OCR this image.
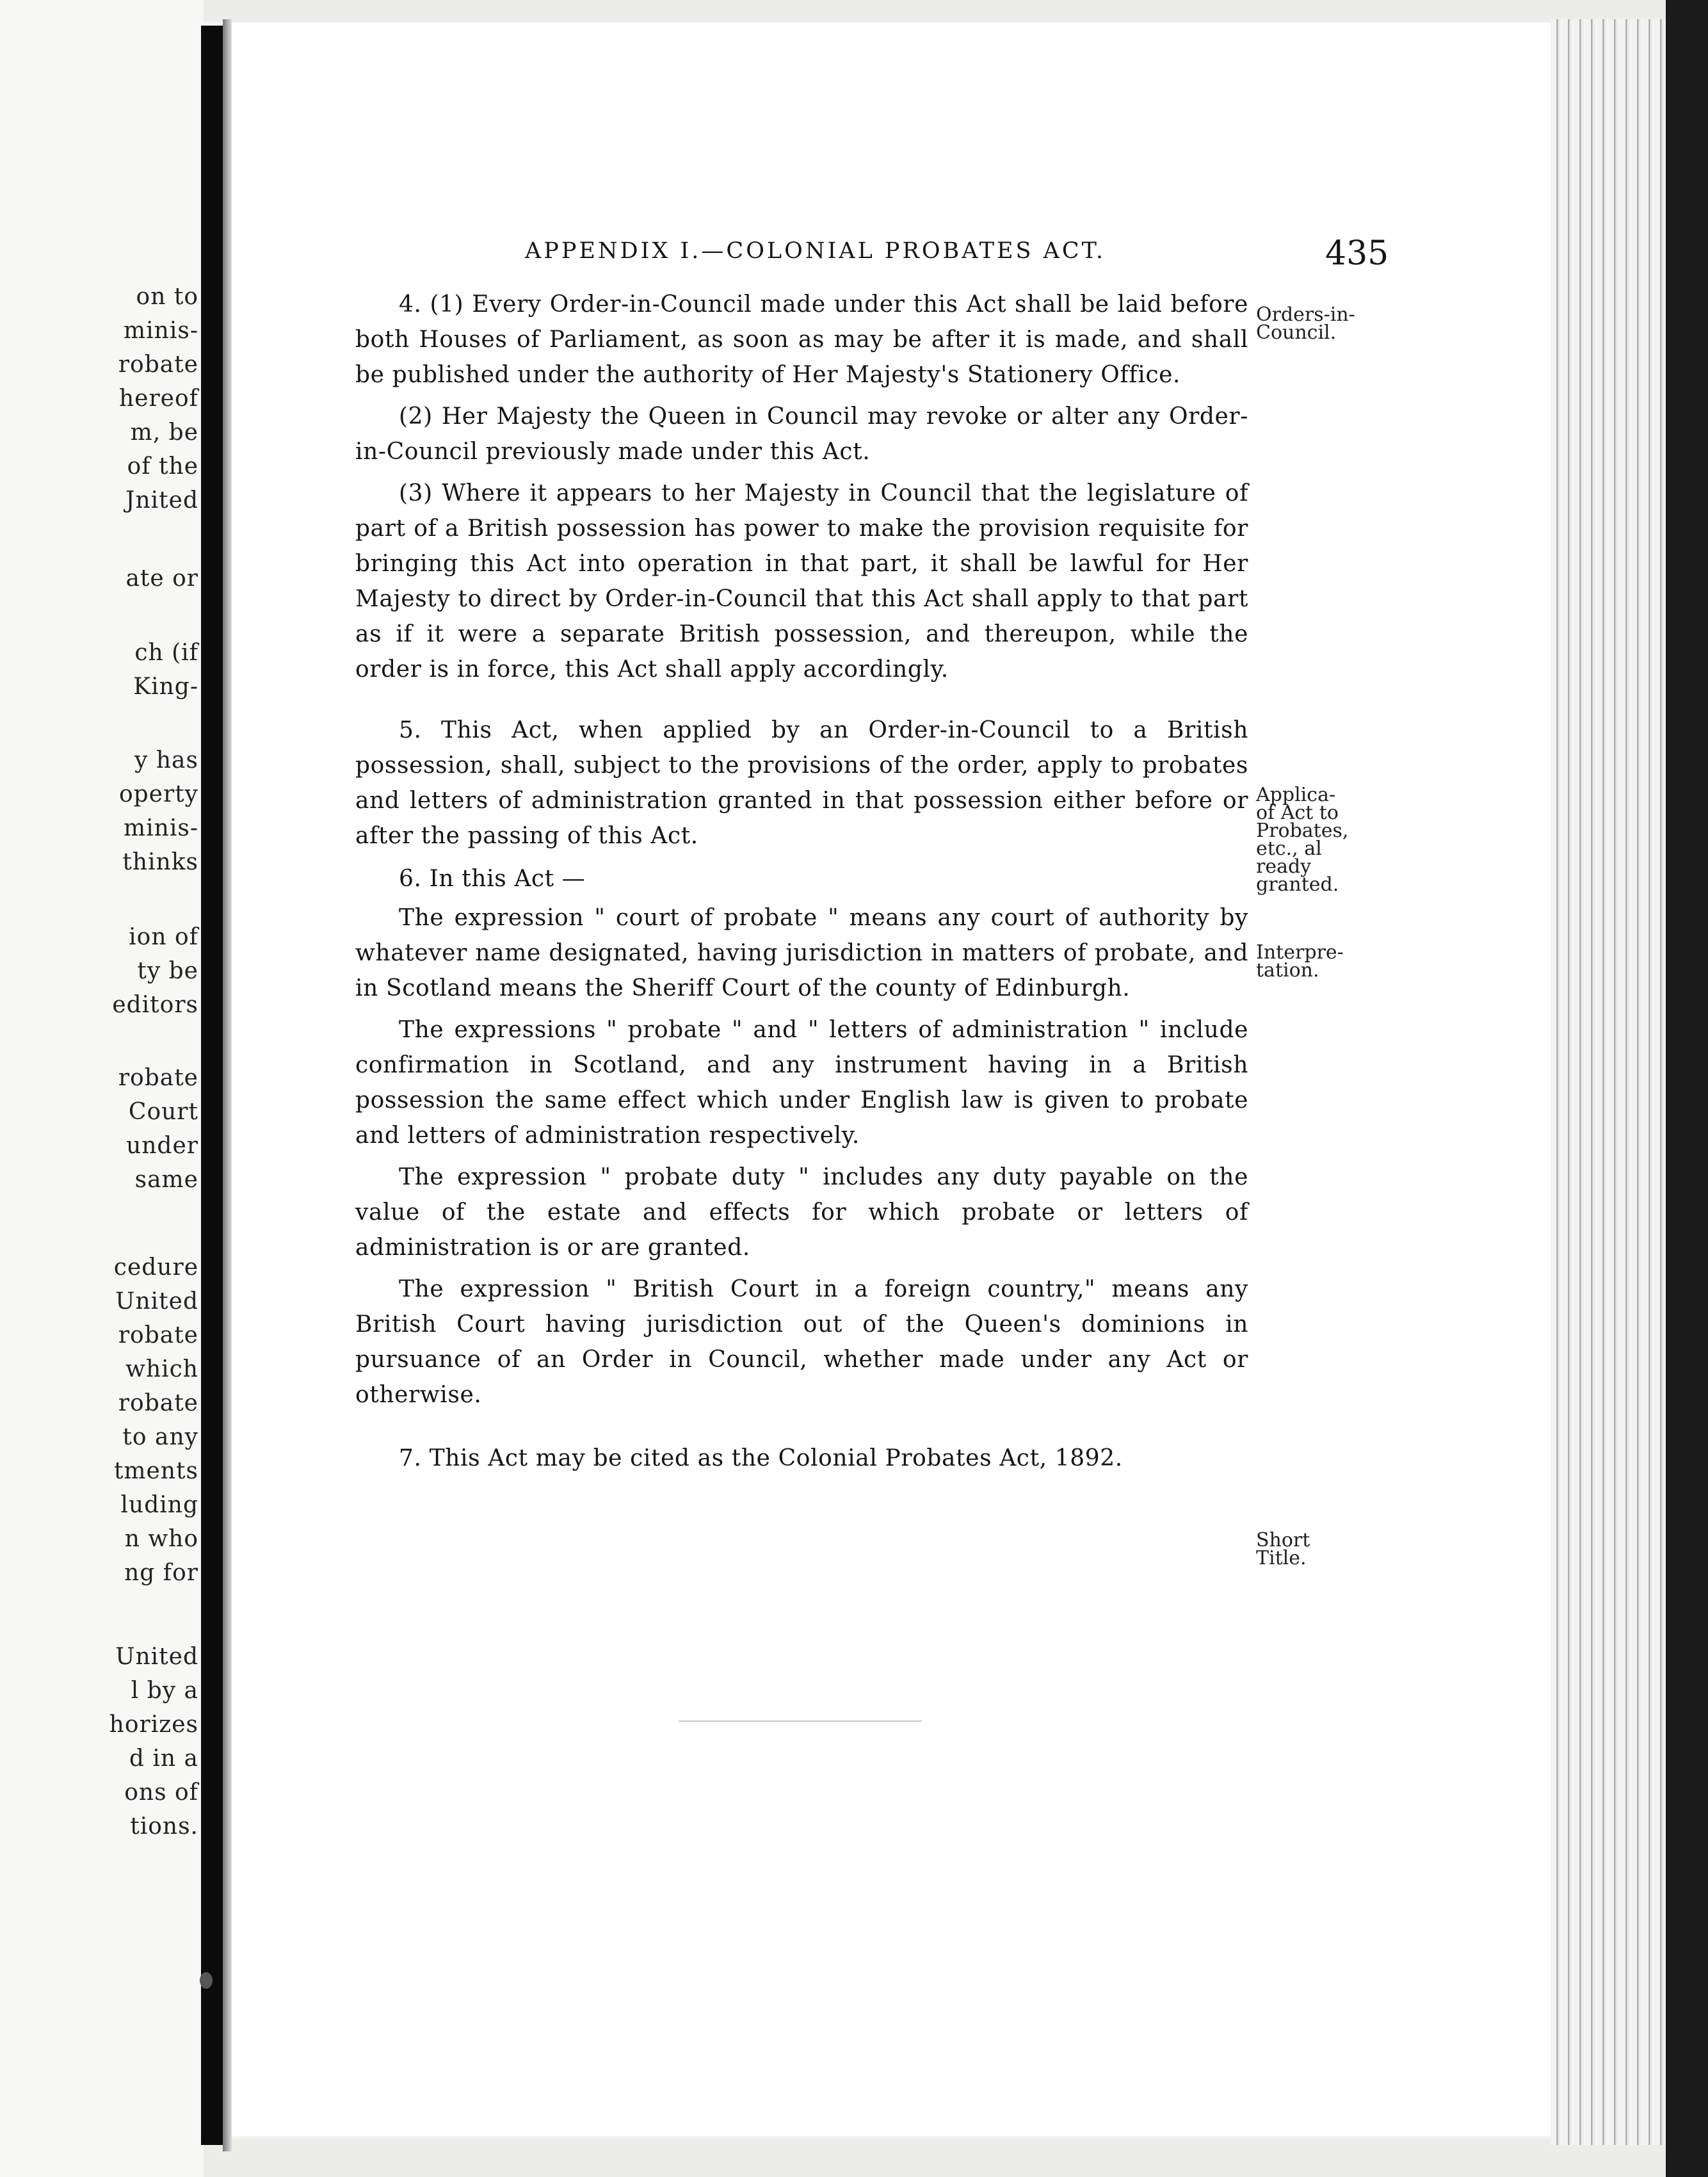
on to
minis-
robate
hereof
m, be
of the
Jnited
ate or
ch (if
King-
y has
operty
minis-
thinks
ion of
ty be
editors
robate
Court
under
same
cedure
United
robate
which
robate
to any
tments
luding
n who
ng for
United
l by a
horizes
d in a
ons of
tions.
APPENDIX I.—COLONIAL PROBATES ACT.	435

4. (1) Every Order-in-Council made under this Act shall be laid before both Houses of Parliament, as soon as may be after it is made, and shall be published under the authority of Her Majesty's Stationery Office.

(2) Her Majesty the Queen in Council may revoke or alter any Order-in-Council previously made under this Act.

(3) Where it appears to her Majesty in Council that the legislature of part of a British possession has power to make the provision requisite for bringing this Act into operation in that part, it shall be lawful for Her Majesty to direct by Order-in-Council that this Act shall apply to that part as if it were a separate British possession, and thereupon, while the order is in force, this Act shall apply accordingly.

5. This Act, when applied by an Order-in-Council to a British possession, shall, subject to the provisions of the order, apply to probates and letters of administration granted in that possession either before or after the passing of this Act.

6. In this Act —

The expression " court of probate " means any court of authority by whatever name designated, having jurisdiction in matters of probate, and in Scotland means the Sheriff Court of the county of Edinburgh.

The expressions " probate " and " letters of administration " include confirmation in Scotland, and any instrument having in a British possession the same effect which under English law is given to probate and letters of administration respectively.

The expression " probate duty " includes any duty payable on the value of the estate and effects for which probate or letters of administration is or are granted.

The expression " British Court in a foreign country," means any British Court having jurisdiction out of the Queen's dominions in pursuance of an Order in Council, whether made under any Act or otherwise.

7. This Act may be cited as the Colonial Probates Act, 1892.

Orders-in-
Council.
Applica-
of Act to
Probates,
etc., al
ready
granted.
Interpre-
tation.
Short
Title.
